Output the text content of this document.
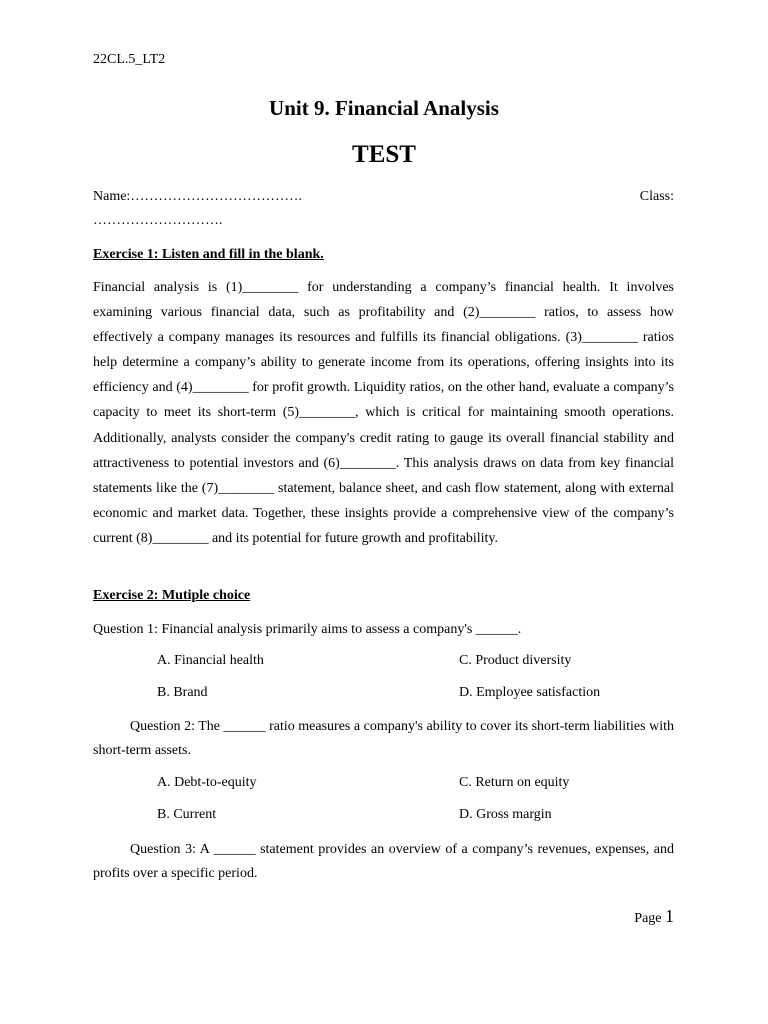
22CL.5_LT2
Unit 9. Financial Analysis
TEST
Name:……………………………….	Class:
……………………….
Exercise 1: Listen and fill in the blank.
Financial analysis is (1)________ for understanding a company’s financial health. It involves examining various financial data, such as profitability and (2)________ ratios, to assess how effectively a company manages its resources and fulfills its financial obligations. (3)________ ratios help determine a company’s ability to generate income from its operations, offering insights into its efficiency and (4)________ for profit growth. Liquidity ratios, on the other hand, evaluate a company’s capacity to meet its short-term (5)________, which is critical for maintaining smooth operations. Additionally, analysts consider the company's credit rating to gauge its overall financial stability and attractiveness to potential investors and (6)________. This analysis draws on data from key financial statements like the (7)________ statement, balance sheet, and cash flow statement, along with external economic and market data. Together, these insights provide a comprehensive view of the company’s current (8)________ and its potential for future growth and profitability.
Exercise 2: Mutiple choice
Question 1: Financial analysis primarily aims to assess a company's ______.
A. Financial health	C. Product diversity
B. Brand	D. Employee satisfaction
Question 2: The ______ ratio measures a company's ability to cover its short-term liabilities with short-term assets.
A. Debt-to-equity	C. Return on equity
B. Current	D. Gross margin
Question 3: A ______ statement provides an overview of a company’s revenues, expenses, and profits over a specific period.
Page 1
